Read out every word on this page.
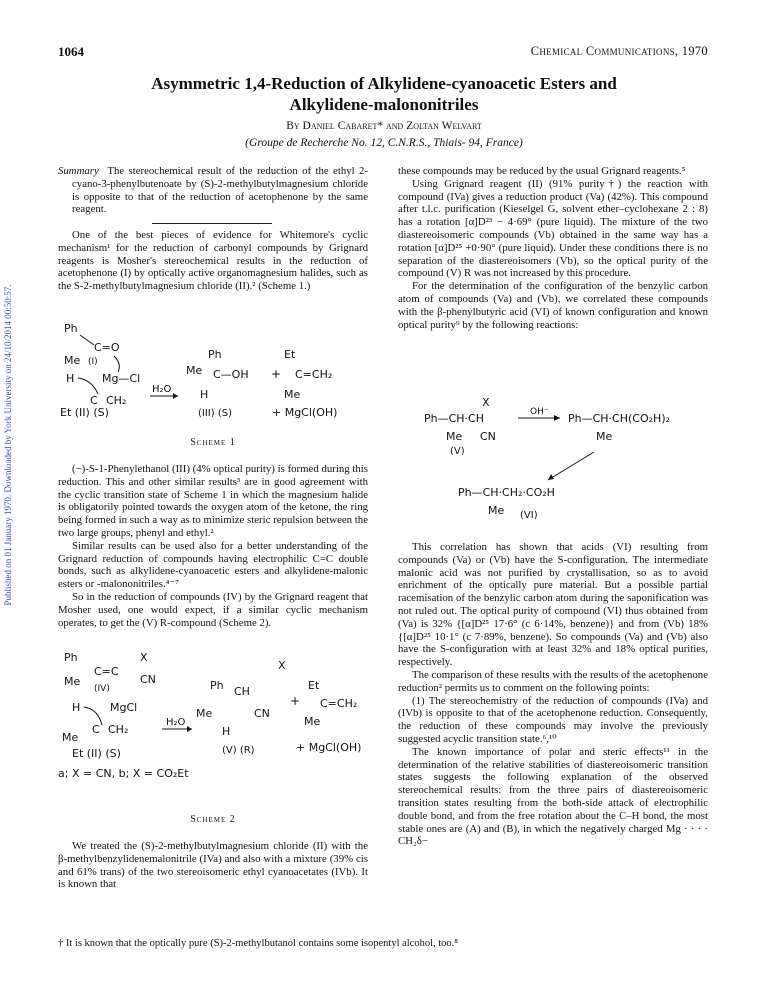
Published on 01 January 1970. Downloaded by York University on 24/10/2014 00:50:57.
1064	Chemical Communications, 1970
Asymmetric 1,4-Reduction of Alkylidene-cyanoacetic Esters and
Alkylidene-malononitriles
By Daniel Cabaret* and Zoltan Welvart
(Groupe de Recherche No. 12, C.N.R.S., Thiais- 94, France)

Summary The stereochemical result of the reduction of the ethyl 2-cyano-3-phenylbutenoate by (S)-2-methylbutylmagnesium chloride is opposite to that of the reduction of acetophenone by the same reagent.

One of the best pieces of evidence for Whitemore's cyclic mechanism¹ for the reduction of carbonyl compounds by Grignard reagents is Mosher's stereochemical results in the reduction of acetophenone (I) by optically active organomagnesium halides, such as the S-2-methylbutylmagnesium chloride (II).² (Scheme 1.)

Ph
C=O
Me (I)
H	Mg—Cl
C CH₂
Et (II) (S)
H₂O
Ph
Me C—OH
H
(III) (S)
+
Et
C=CH₂
Me
+ MgCl(OH)
Scheme 1

(−)-S-1-Phenylethanol (III) (4% optical purity) is formed during this reduction. This and other similar results³ are in good agreement with the cyclic transition state of Scheme 1 in which the magnesium halide is obligatorily pointed towards the oxygen atom of the ketone, the ring being formed in such a way as to minimize steric repulsion between the two large groups, phenyl and ethyl.²

Similar results can be used also for a better understanding of the Grignard reduction of compounds having electrophilic C=C double bonds, such as alkylidene-cyanoacetic esters and alkylidene-malonic esters or -malononitriles.⁴⁻⁷

So in the reduction of compounds (IV) by the Grignard reagent that Mosher used, one would expect, if a similar cyclic mechanism operates, to get the (V) R-compound (Scheme 2).

Ph
C=C
X
Me
(IV)
CN
H	MgCl
C CH₂
Me
Et (II) (S)
a; X = CN, b; X = CO₂Et
H₂O
X
Ph CH
Me	CN
H
(V) (R)
+
Et
C=CH₂
Me
+ MgCl(OH)
Scheme 2

We treated the (S)-2-methylbutylmagnesium chloride (II) with the β-methylbenzylidenemalonitrile (IVa) and also with a mixture (39% cis and 61% trans) of the two stereoisomeric ethyl cyanoacetates (IVb). It is known that

these compounds may be reduced by the usual Grignard reagents.⁵

Using Grignard reagent (II) (91% purity†) the reaction with compound (IVa) gives a reduction product (Va) (42%). This compound after t.l.c. purification (Kieselgel G, solvent ether–cyclohexane 2 : 8) has a rotation [α]D²³ − 4·69° (pure liquid). The mixture of the two diastereoisomeric compounds (Vb) obtained in the same way has a rotation [α]D²⁵ +0·90° (pure liquid). Under these conditions there is no separation of the diastereoisomers (Vb), so the optical purity of the compound (V) R was not increased by this procedure.

For the determination of the configuration of the benzylic carbon atom of compounds (Va) and (Vb), we correlated these compounds with the β-phenylbutyric acid (VI) of known configuration and known optical purity⁹ by the following reactions:

X
Ph—CH·CH
Me CN
(V)
OH⁻ Ph—CH·CH(CO₂H)₂
Me
Ph—CH·CH₂·CO₂H
Me (VI)

This correlation has shown that acids (VI) resulting from compounds (Va) or (Vb) have the S-configuration. The intermediate malonic acid was not purified by crystallisation, so as to avoid enrichment of the optically pure material. But a possible partial racemisation of the benzylic carbon atom during the saponification was not ruled out. The optical purity of compound (VI) thus obtained from (Va) is 32% {[α]D²⁵ 17·6° (c 6·14%, benzene)} and from (Vb) 18% {[α]D²⁵ 10·1° (c 7·89%, benzene). So compounds (Va) and (Vb) also have the S-configuration with at least 32% and 18% optical purities, respectively.

The comparison of these results with the results of the acetophenone reduction² permits us to comment on the following points:

(1) The stereochemistry of the reduction of compounds (IVa) and (IVb) is opposite to that of the acetophenone reduction. Consequently, the reduction of these compounds may involve the previously suggested acyclic transition state.⁶,¹⁰

The known importance of polar and steric effects¹¹ in the determination of the relative stabilities of diastereoisomeric transition states suggests the following explanation of the observed stereochemical results: from the three pairs of diastereoisomeric transition states resulting from the both-side attack of electrophilic double bond, and from the free rotation about the C–H bond, the most stable ones are (A) and (B), in which the negatively charged Mg · · · · CH₂δ−

† It is known that the optically pure (S)-2-methylbutanol contains some isopentyl alcohol, too.⁸
